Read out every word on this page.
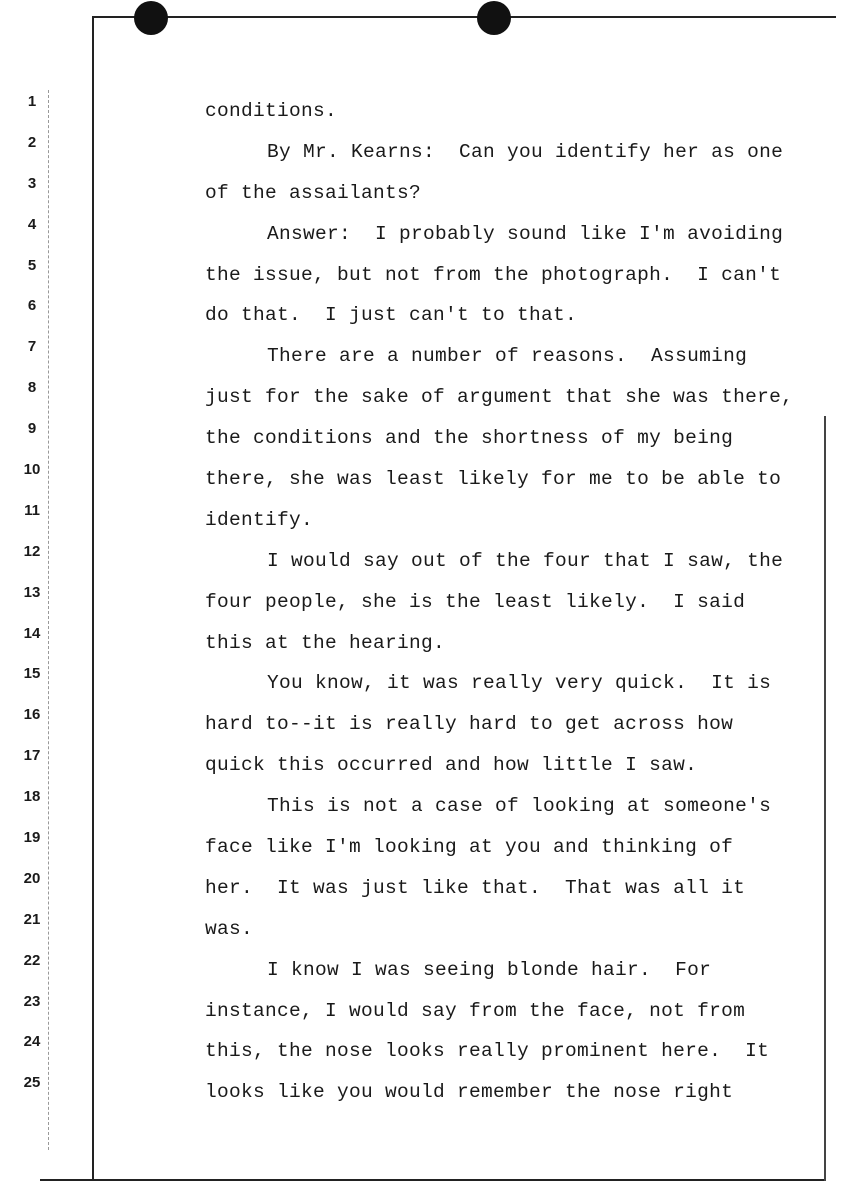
1
2
3
4
5
6
7
8
9
10
11
12
13
14
15
16
17
18
19
20
21
22
23
24
25
conditions.
By Mr. Kearns:  Can you identify her as one
of the assailants?
Answer:  I probably sound like I'm avoiding
the issue, but not from the photograph.  I can't
do that.  I just can't to that.
There are a number of reasons.  Assuming
just for the sake of argument that she was there,
the conditions and the shortness of my being
there, she was least likely for me to be able to
identify.
I would say out of the four that I saw, the
four people, she is the least likely.  I said
this at the hearing.
You know, it was really very quick.  It is
hard to--it is really hard to get across how
quick this occurred and how little I saw.
This is not a case of looking at someone's
face like I'm looking at you and thinking of
her.  It was just like that.  That was all it
was.
I know I was seeing blonde hair.  For
instance, I would say from the face, not from
this, the nose looks really prominent here.  It
looks like you would remember the nose right
